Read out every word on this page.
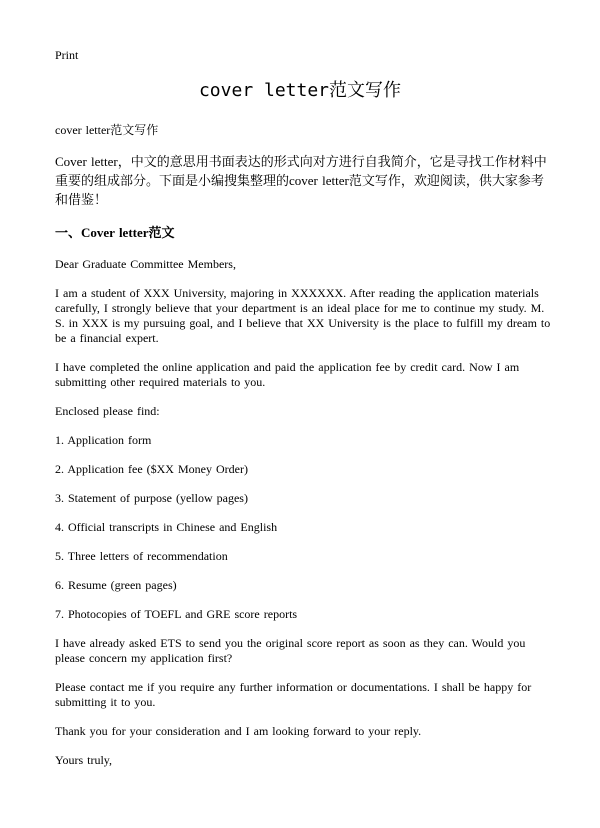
Print
cover letter范文写作

cover letter范文写作

Cover letter，中文的意思用书面表达的形式向对方进行自我简介，它是寻找工作材料中重要的组成部分。下面是小编搜集整理的cover letter范文写作，欢迎阅读，供大家参考和借鉴！

一、Cover letter范文

Dear Graduate Committee Members,

I am a student of XXX University, majoring in XXXXXX. After reading the application materials carefully, I strongly believe that your department is an ideal place for me to continue my study. M. S. in XXX is my pursuing goal, and I believe that XX University is the place to fulfill my dream to be a financial expert.

I have completed the online application and paid the application fee by credit card. Now I am submitting other required materials to you.

Enclosed please find:

1. Application form
2. Application fee ($XX Money Order)
3. Statement of purpose (yellow pages)
4. Official transcripts in Chinese and English
5. Three letters of recommendation
6. Resume (green pages)
7. Photocopies of TOEFL and GRE score reports

I have already asked ETS to send you the original score report as soon as they can. Would you please concern my application first?

Please contact me if you require any further information or documentations. I shall be happy for submitting it to you.

Thank you for your consideration and I am looking forward to your reply.

Yours truly,
